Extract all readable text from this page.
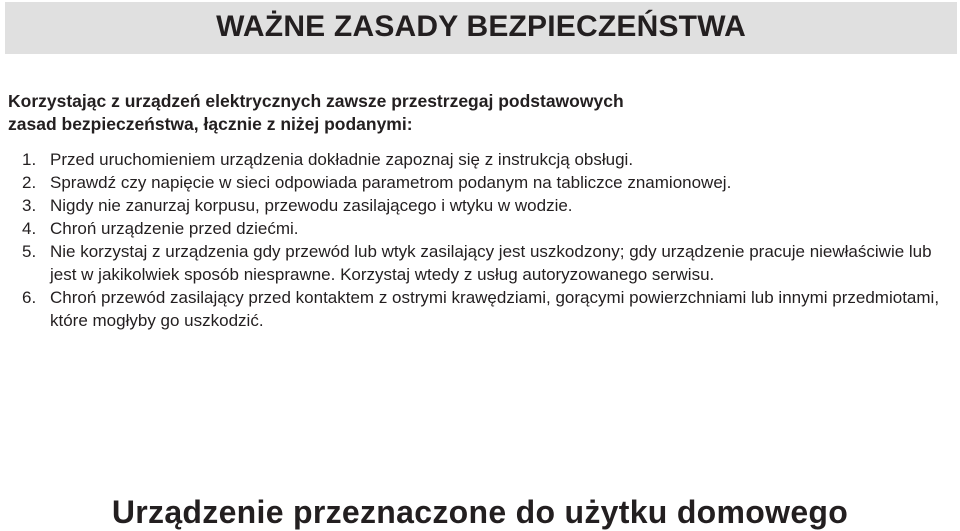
WAŻNE ZASADY BEZPIECZEŃSTWA
Korzystając z urządzeń elektrycznych zawsze przestrzegaj podstawowych
zasad bezpieczeństwa, łącznie z niżej podanymi:
1. Przed uruchomieniem urządzenia dokładnie zapoznaj się z instrukcją obsługi.
2. Sprawdź czy napięcie w sieci odpowiada parametrom podanym na tabliczce znamionowej.
3. Nigdy nie zanurzaj korpusu, przewodu zasilającego i wtyku w wodzie.
4. Chroń urządzenie przed dziećmi.
5. Nie korzystaj z urządzenia gdy przewód lub wtyk zasilający jest uszkodzony; gdy urządzenie pracuje niewłaściwie lub jest w jakikolwiek sposób niesprawne. Korzystaj wtedy z usług autoryzowanego serwisu.
6. Chroń przewód zasilający przed kontaktem z ostrymi krawędziami, gorącymi powierzchniami lub innymi przedmiotami, które mogłyby go uszkodzić.
Urządzenie przeznaczone do użytku domowego
